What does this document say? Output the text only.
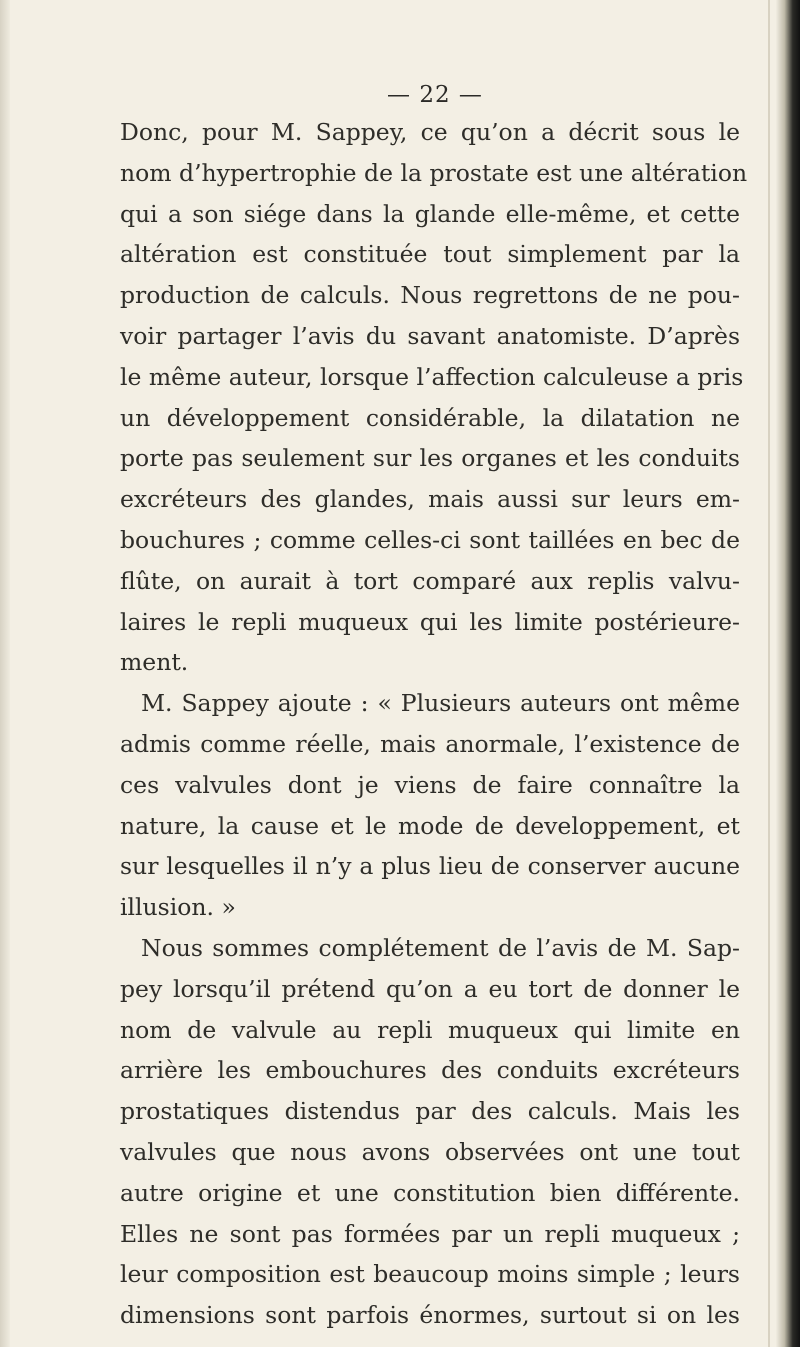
— 22 —
Donc, pour M. Sappey, ce qu’on a décrit sous le
nom d’hypertrophie de la prostate est une altération
qui a son siége dans la glande elle-même, et cette
altération est constituée tout simplement par la
production de calculs. Nous regrettons de ne pou-
voir partager l’avis du savant anatomiste. D’après
le même auteur, lorsque l’affection calculeuse a pris
un développement considérable, la dilatation ne
porte pas seulement sur les organes et les conduits
excréteurs des glandes, mais aussi sur leurs em-
bouchures ; comme celles-ci sont taillées en bec de
flûte, on aurait à tort comparé aux replis valvu-
laires le repli muqueux qui les limite postérieure-
ment.
M. Sappey ajoute : « Plusieurs auteurs ont même
admis comme réelle, mais anormale, l’existence de
ces valvules dont je viens de faire connaître la
nature, la cause et le mode de developpement, et
sur lesquelles il n’y a plus lieu de conserver aucune
illusion. »
Nous sommes complétement de l’avis de M. Sap-
pey lorsqu’il prétend qu’on a eu tort de donner le
nom de valvule au repli muqueux qui limite en
arrière les embouchures des conduits excréteurs
prostatiques distendus par des calculs. Mais les
valvules que nous avons observées ont une tout
autre origine et une constitution bien différente.
Elles ne sont pas formées par un repli muqueux ;
leur composition est beaucoup moins simple ; leurs
dimensions sont parfois énormes, surtout si on les
